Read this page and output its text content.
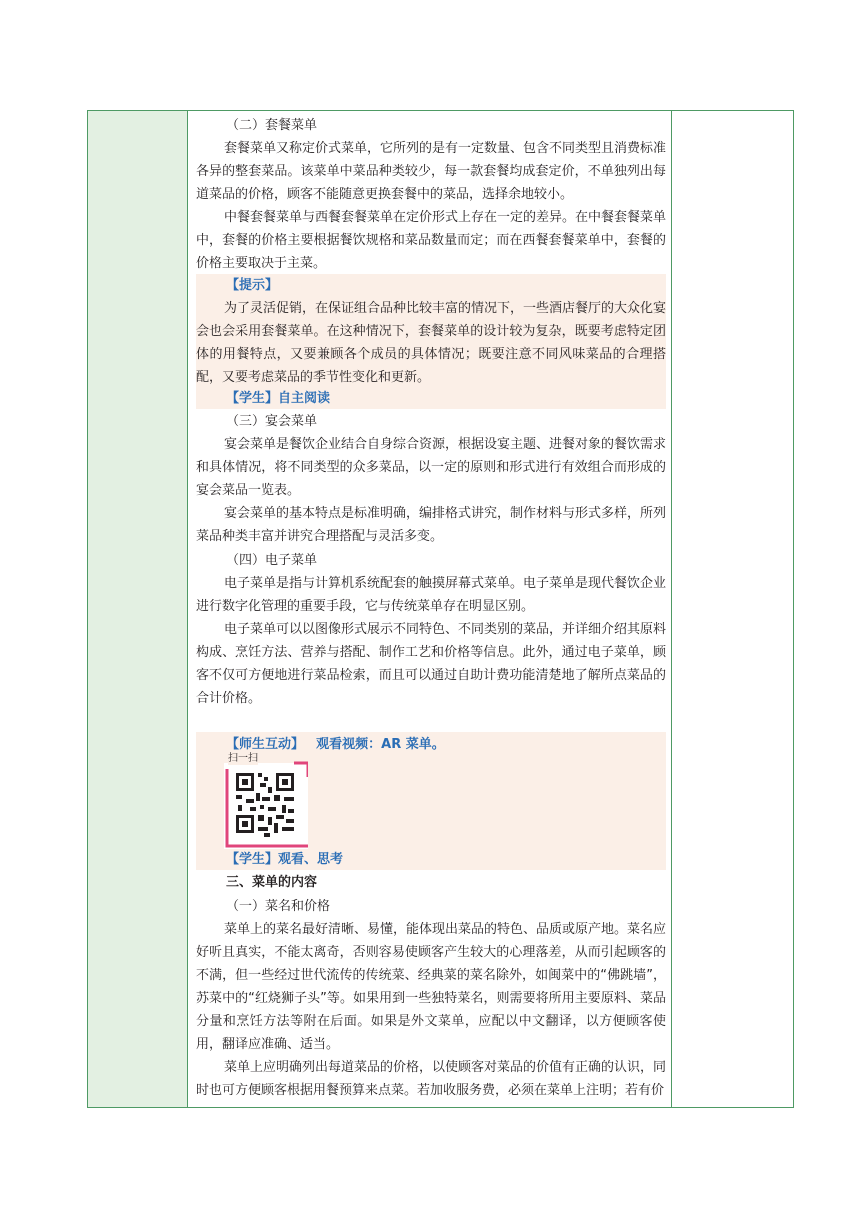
（二）套餐菜单
套餐菜单又称定价式菜单，它所列的是有一定数量、包含不同类型且消费标准各异的整套菜品。该菜单中菜品种类较少，每一款套餐均成套定价，不单独列出每道菜品的价格，顾客不能随意更换套餐中的菜品，选择余地较小。
中餐套餐菜单与西餐套餐菜单在定价形式上存在一定的差异。在中餐套餐菜单中，套餐的价格主要根据餐饮规格和菜品数量而定；而在西餐套餐菜单中，套餐的价格主要取决于主菜。
【提示】
为了灵活促销，在保证组合品种比较丰富的情况下，一些酒店餐厅的大众化宴会也会采用套餐菜单。在这种情况下，套餐菜单的设计较为复杂，既要考虑特定团体的用餐特点，又要兼顾各个成员的具体情况；既要注意不同风味菜品的合理搭配，又要考虑菜品的季节性变化和更新。
【学生】自主阅读
（三）宴会菜单
宴会菜单是餐饮企业结合自身综合资源，根据设宴主题、进餐对象的餐饮需求和具体情况，将不同类型的众多菜品，以一定的原则和形式进行有效组合而形成的宴会菜品一览表。
宴会菜单的基本特点是标准明确，编排格式讲究，制作材料与形式多样，所列菜品种类丰富并讲究合理搭配与灵活多变。
（四）电子菜单
电子菜单是指与计算机系统配套的触摸屏幕式菜单。电子菜单是现代餐饮企业进行数字化管理的重要手段，它与传统菜单存在明显区别。
电子菜单可以以图像形式展示不同特色、不同类别的菜品，并详细介绍其原料构成、烹饪方法、营养与搭配、制作工艺和价格等信息。此外，通过电子菜单，顾客不仅可方便地进行菜品检索，而且可以通过自助计费功能清楚地了解所点菜品的合计价格。
【师生互动】 观看视频：AR 菜单。
扫一扫
【学生】观看、思考
三、菜单的内容
（一）菜名和价格
菜单上的菜名最好清晰、易懂，能体现出菜品的特色、品质或原产地。菜名应好听且真实，不能太离奇，否则容易使顾客产生较大的心理落差，从而引起顾客的不满，但一些经过世代流传的传统菜、经典菜的菜名除外，如闽菜中的“佛跳墙”，苏菜中的“红烧狮子头”等。如果用到一些独特菜名，则需要将所用主要原料、菜品分量和烹饪方法等附在后面。如果是外文菜单，应配以中文翻译，以方便顾客使用，翻译应准确、适当。
菜单上应明确列出每道菜品的价格，以使顾客对菜品的价值有正确的认识，同时也可方便顾客根据用餐预算来点菜。若加收服务费，必须在菜单上注明；若有价
